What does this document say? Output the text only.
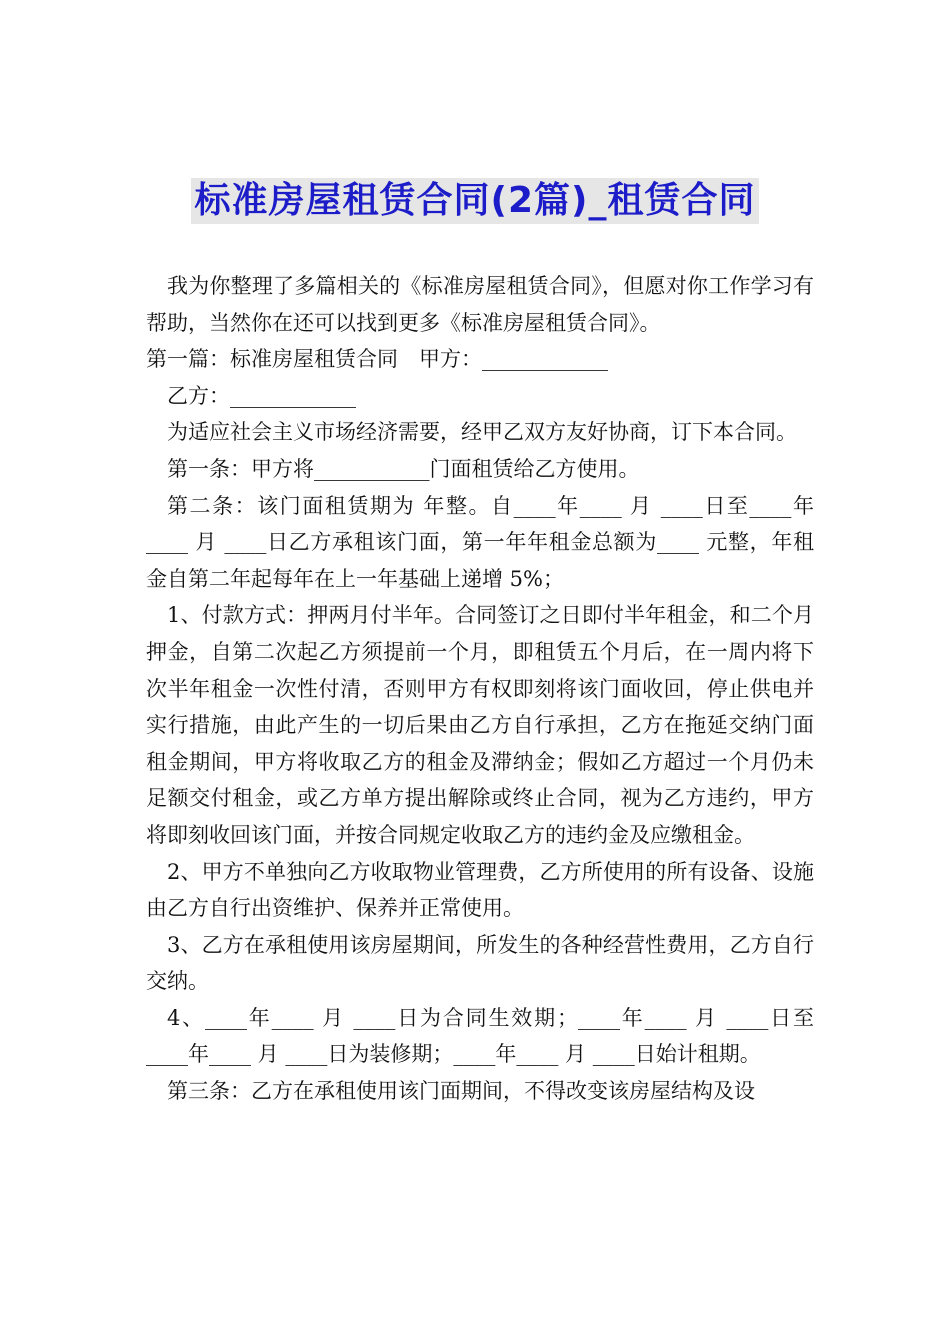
标准房屋租赁合同(2篇)_租赁合同

我为你整理了多篇相关的《标准房屋租赁合同》，但愿对你工作学习有帮助，当然你在还可以找到更多《标准房屋租赁合同》。

第一篇：标准房屋租赁合同　甲方：____________

乙方：____________

为适应社会主义市场经济需要，经甲乙双方友好协商，订下本合同。

第一条：甲方将___________门面租赁给乙方使用。

第二条：该门面租赁期为 年整。自____年____ 月 ____日至____年____ 月 ____日乙方承租该门面，第一年年租金总额为____ 元整，年租金自第二年起每年在上一年基础上递增 5%；

1、付款方式：押两月付半年。合同签订之日即付半年租金，和二个月押金，自第二次起乙方须提前一个月，即租赁五个月后，在一周内将下次半年租金一次性付清，否则甲方有权即刻将该门面收回，停止供电并实行措施，由此产生的一切后果由乙方自行承担，乙方在拖延交纳门面租金期间，甲方将收取乙方的租金及滞纳金；假如乙方超过一个月仍未足额交付租金，或乙方单方提出解除或终止合同，视为乙方违约，甲方将即刻收回该门面，并按合同规定收取乙方的违约金及应缴租金。

2、甲方不单独向乙方收取物业管理费，乙方所使用的所有设备、设施由乙方自行出资维护、保养并正常使用。

3、乙方在承租使用该房屋期间，所发生的各种经营性费用，乙方自行交纳。

4、____年____ 月 ____日为合同生效期；____年____ 月 ____日至____年____ 月 ____日为装修期；____年____ 月 ____日始计租期。

第三条：乙方在承租使用该门面期间，不得改变该房屋结构及设
